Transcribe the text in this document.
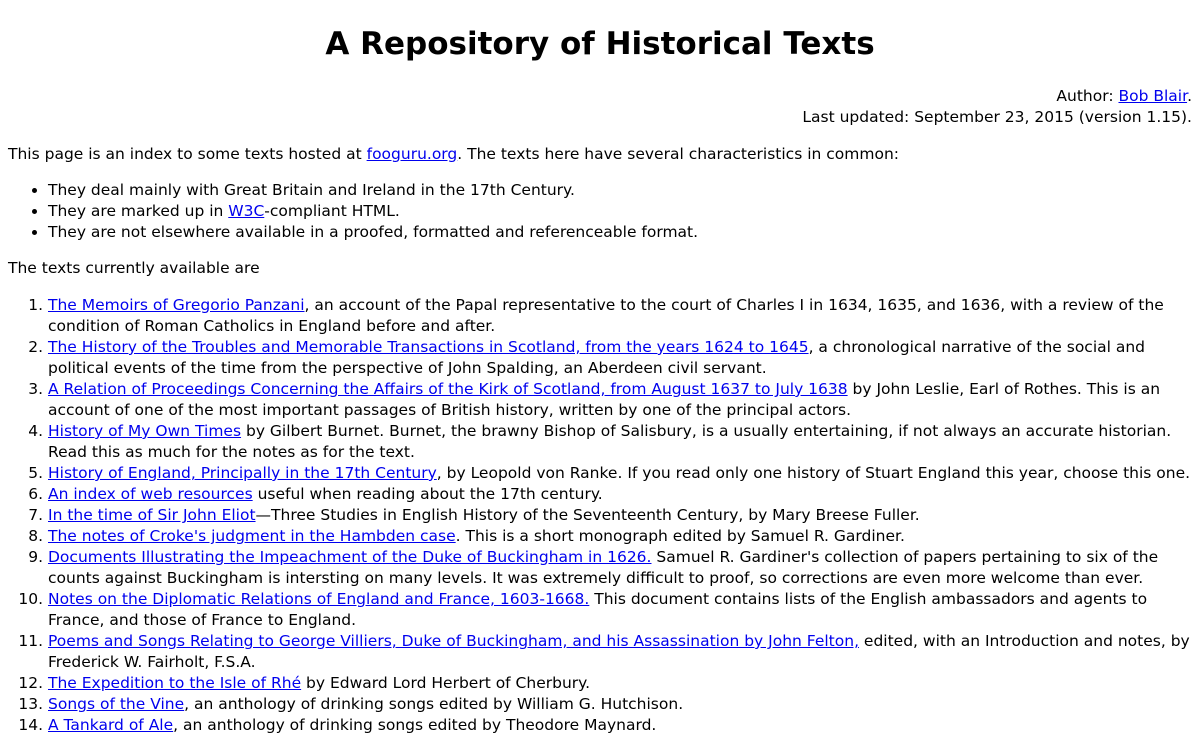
A Repository of Historical Texts
Author: Bob Blair.
Last updated: September 23, 2015 (version 1.15).

This page is an index to some texts hosted at fooguru.org. The texts here have several characteristics in common:

• They deal mainly with Great Britain and Ireland in the 17th Century.
• They are marked up in W3C-compliant HTML.
• They are not elsewhere available in a proofed, formatted and referenceable format.

The texts currently available are

1. The Memoirs of Gregorio Panzani, an account of the Papal representative to the court of Charles I in 1634, 1635, and 1636, with a review of the condition of Roman Catholics in England before and after.
2. The History of the Troubles and Memorable Transactions in Scotland, from the years 1624 to 1645, a chronological narrative of the social and political events of the time from the perspective of John Spalding, an Aberdeen civil servant.
3. A Relation of Proceedings Concerning the Affairs of the Kirk of Scotland, from August 1637 to July 1638 by John Leslie, Earl of Rothes. This is an account of one of the most important passages of British history, written by one of the principal actors.
4. History of My Own Times by Gilbert Burnet. Burnet, the brawny Bishop of Salisbury, is a usually entertaining, if not always an accurate historian. Read this as much for the notes as for the text.
5. History of England, Principally in the 17th Century, by Leopold von Ranke. If you read only one history of Stuart England this year, choose this one.
6. An index of web resources useful when reading about the 17th century.
7. In the time of Sir John Eliot—Three Studies in English History of the Seventeenth Century, by Mary Breese Fuller.
8. The notes of Croke's judgment in the Hambden case. This is a short monograph edited by Samuel R. Gardiner.
9. Documents Illustrating the Impeachment of the Duke of Buckingham in 1626. Samuel R. Gardiner's collection of papers pertaining to six of the counts against Buckingham is intersting on many levels. It was extremely difficult to proof, so corrections are even more welcome than ever.
10. Notes on the Diplomatic Relations of England and France, 1603-1668. This document contains lists of the English ambassadors and agents to France, and those of France to England.
11. Poems and Songs Relating to George Villiers, Duke of Buckingham, and his Assassination by John Felton, edited, with an Introduction and notes, by Frederick W. Fairholt, F.S.A.
12. The Expedition to the Isle of Rhé by Edward Lord Herbert of Cherbury.
13. Songs of the Vine, an anthology of drinking songs edited by William G. Hutchison.
14. A Tankard of Ale, an anthology of drinking songs edited by Theodore Maynard.
